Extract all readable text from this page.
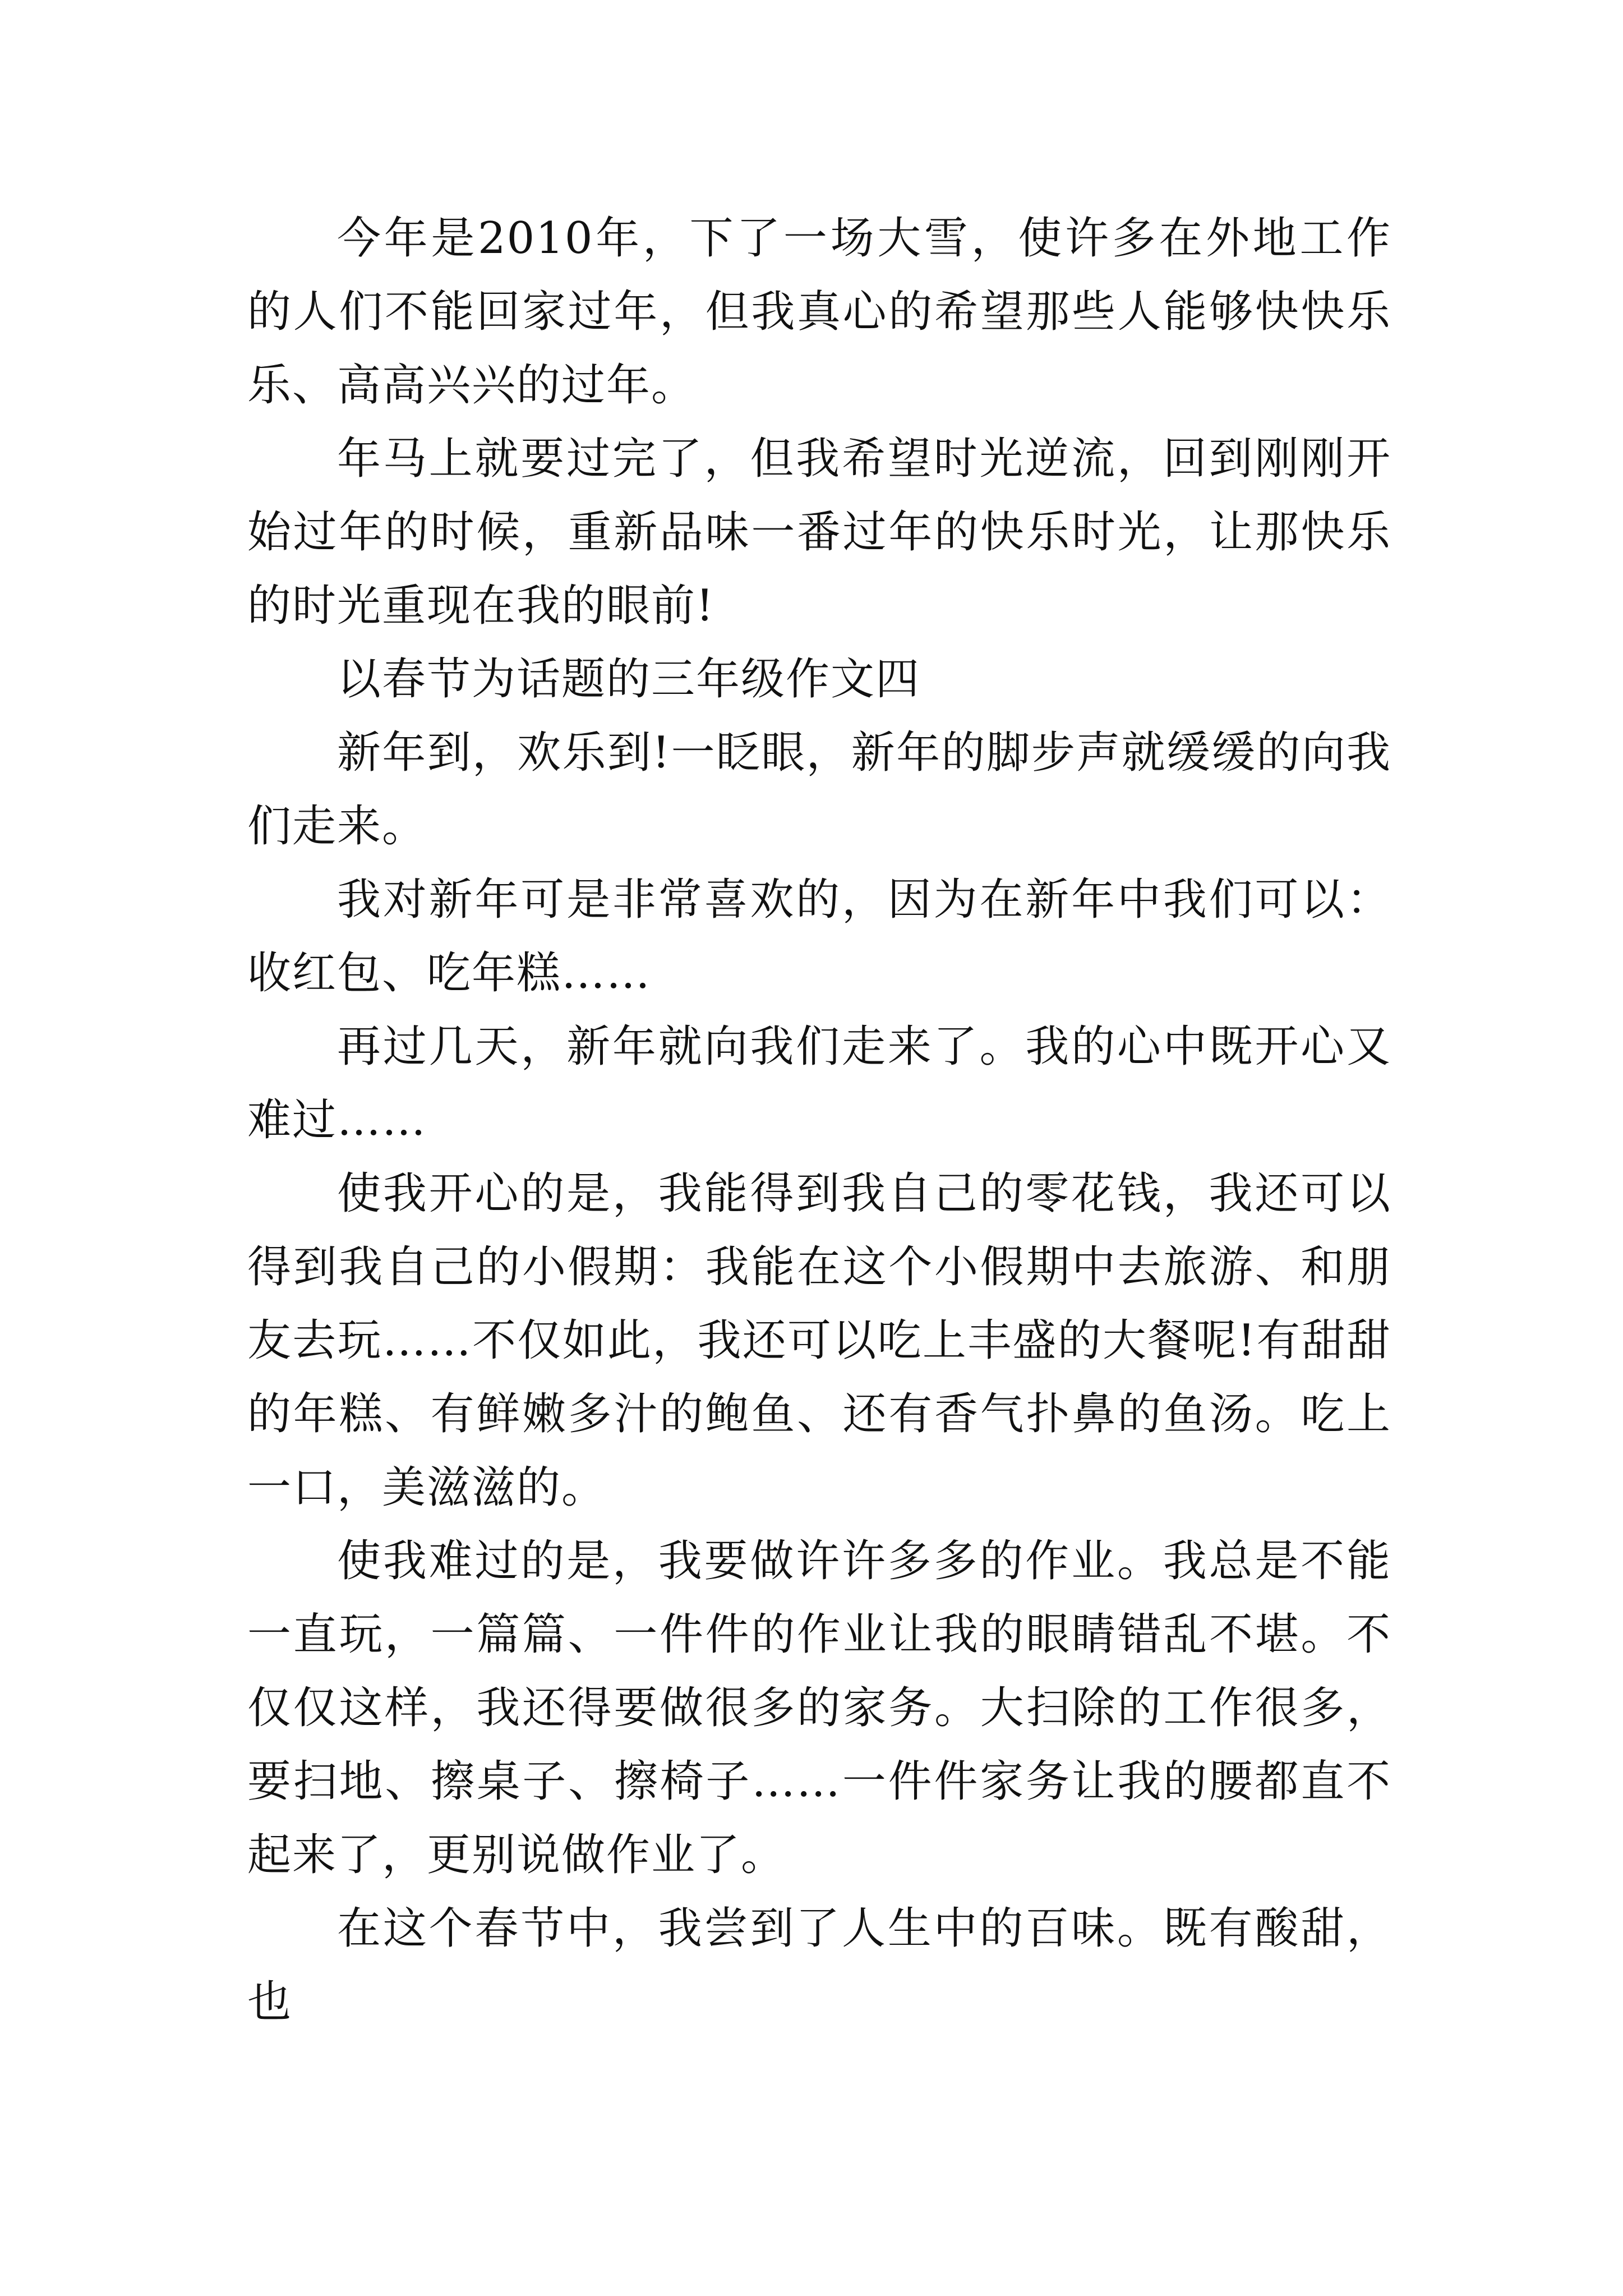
今年是2010年，下了一场大雪，使许多在外地工作的人们不能回家过年，但我真心的希望那些人能够快快乐乐、高高兴兴的过年。

年马上就要过完了，但我希望时光逆流，回到刚刚开始过年的时候，重新品味一番过年的快乐时光，让那快乐的时光重现在我的眼前!

以春节为话题的三年级作文四

新年到，欢乐到!一眨眼，新年的脚步声就缓缓的向我们走来。

我对新年可是非常喜欢的，因为在新年中我们可以：收红包、吃年糕……

再过几天，新年就向我们走来了。我的心中既开心又难过……

使我开心的是，我能得到我自己的零花钱，我还可以得到我自己的小假期：我能在这个小假期中去旅游、和朋友去玩……不仅如此，我还可以吃上丰盛的大餐呢!有甜甜的年糕、有鲜嫩多汁的鲍鱼、还有香气扑鼻的鱼汤。吃上一口，美滋滋的。

使我难过的是，我要做许许多多的作业。我总是不能一直玩，一篇篇、一件件的作业让我的眼睛错乱不堪。不仅仅这样，我还得要做很多的家务。大扫除的工作很多，要扫地、擦桌子、擦椅子……一件件家务让我的腰都直不起来了，更别说做作业了。

在这个春节中，我尝到了人生中的百味。既有酸甜，也
